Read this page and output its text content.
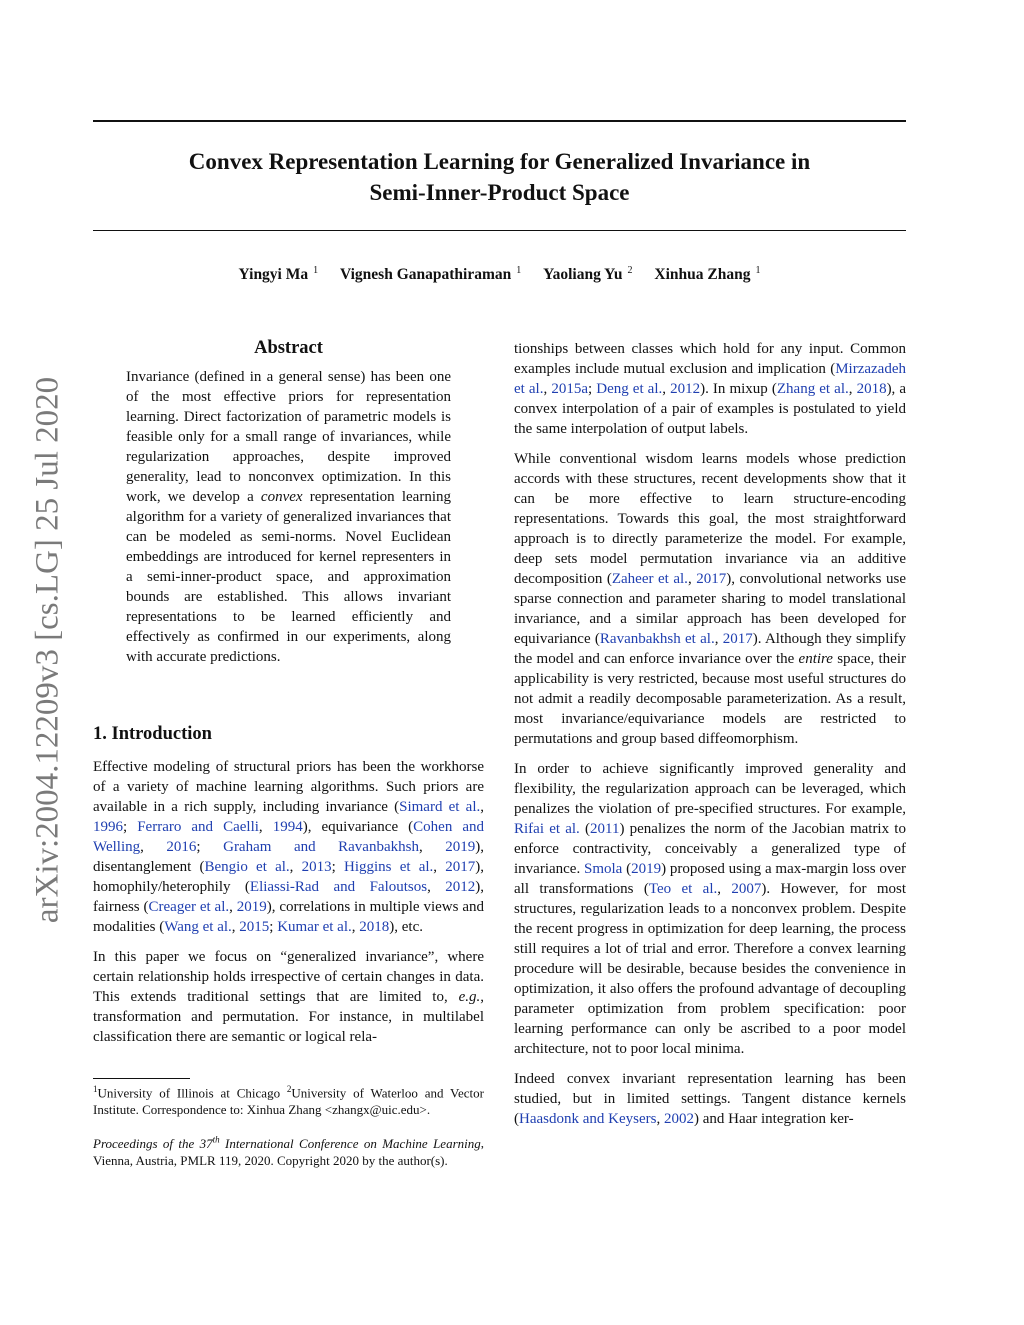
Convex Representation Learning for Generalized Invariance in
Semi-Inner-Product Space
Yingyi Ma $^1$ Vignesh Ganapathiraman $^1$ Yaoliang Yu $^2$ Xinhua Zhang $^1$
arXiv:2004.12209v3 [cs.LG] 25 Jul 2020
Abstract

Invariance (defined in a general sense) has been one of the most effective priors for representation learning. Direct factorization of parametric models is feasible only for a small range of invariances, while regularization approaches, despite improved generality, lead to nonconvex optimization. In this work, we develop a convex representation learning algorithm for a variety of generalized invariances that can be modeled as semi-norms. Novel Euclidean embeddings are introduced for kernel representers in a semi-inner-product space, and approximation bounds are established. This allows invariant representations to be learned efficiently and effectively as confirmed in our experiments, along with accurate predictions.

1. Introduction

Effective modeling of structural priors has been the workhorse of a variety of machine learning algorithms. Such priors are available in a rich supply, including invariance (Simard et al., 1996; Ferraro and Caelli, 1994), equivariance (Cohen and Welling, 2016; Graham and Ravanbakhsh, 2019), disentanglement (Bengio et al., 2013; Higgins et al., 2017), homophily/heterophily (Eliassi-Rad and Faloutsos, 2012), fairness (Creager et al., 2019), correlations in multiple views and modalities (Wang et al., 2015; Kumar et al., 2018), etc.

In this paper we focus on “generalized invariance”, where certain relationship holds irrespective of certain changes in data. This extends traditional settings that are limited to, e.g., transformation and permutation. For instance, in multilabel classification there are semantic or logical rela-

$^1$University of Illinois at Chicago $^2$University of Waterloo and Vector Institute. Correspondence to: Xinhua Zhang <zhangx@uic.edu>.

Proceedings of the 37th International Conference on Machine Learning, Vienna, Austria, PMLR 119, 2020. Copyright 2020 by the author(s).

tionships between classes which hold for any input. Common examples include mutual exclusion and implication (Mirzazadeh et al., 2015a; Deng et al., 2012). In mixup (Zhang et al., 2018), a convex interpolation of a pair of examples is postulated to yield the same interpolation of output labels.

While conventional wisdom learns models whose prediction accords with these structures, recent developments show that it can be more effective to learn structure-encoding representations. Towards this goal, the most straightforward approach is to directly parameterize the model. For example, deep sets model permutation invariance via an additive decomposition (Zaheer et al., 2017), convolutional networks use sparse connection and parameter sharing to model translational invariance, and a similar approach has been developed for equivariance (Ravanbakhsh et al., 2017). Although they simplify the model and can enforce invariance over the entire space, their applicability is very restricted, because most useful structures do not admit a readily decomposable parameterization. As a result, most invariance/equivariance models are restricted to permutations and group based diffeomorphism.

In order to achieve significantly improved generality and flexibility, the regularization approach can be leveraged, which penalizes the violation of pre-specified structures. For example, Rifai et al. (2011) penalizes the norm of the Jacobian matrix to enforce contractivity, conceivably a generalized type of invariance. Smola (2019) proposed using a max-margin loss over all transformations (Teo et al., 2007). However, for most structures, regularization leads to a nonconvex problem. Despite the recent progress in optimization for deep learning, the process still requires a lot of trial and error. Therefore a convex learning procedure will be desirable, because besides the convenience in optimization, it also offers the profound advantage of decoupling parameter optimization from problem specification: poor learning performance can only be ascribed to a poor model architecture, not to poor local minima.

Indeed convex invariant representation learning has been studied, but in limited settings. Tangent distance kernels (Haasdonk and Keysers, 2002) and Haar integration ker-
